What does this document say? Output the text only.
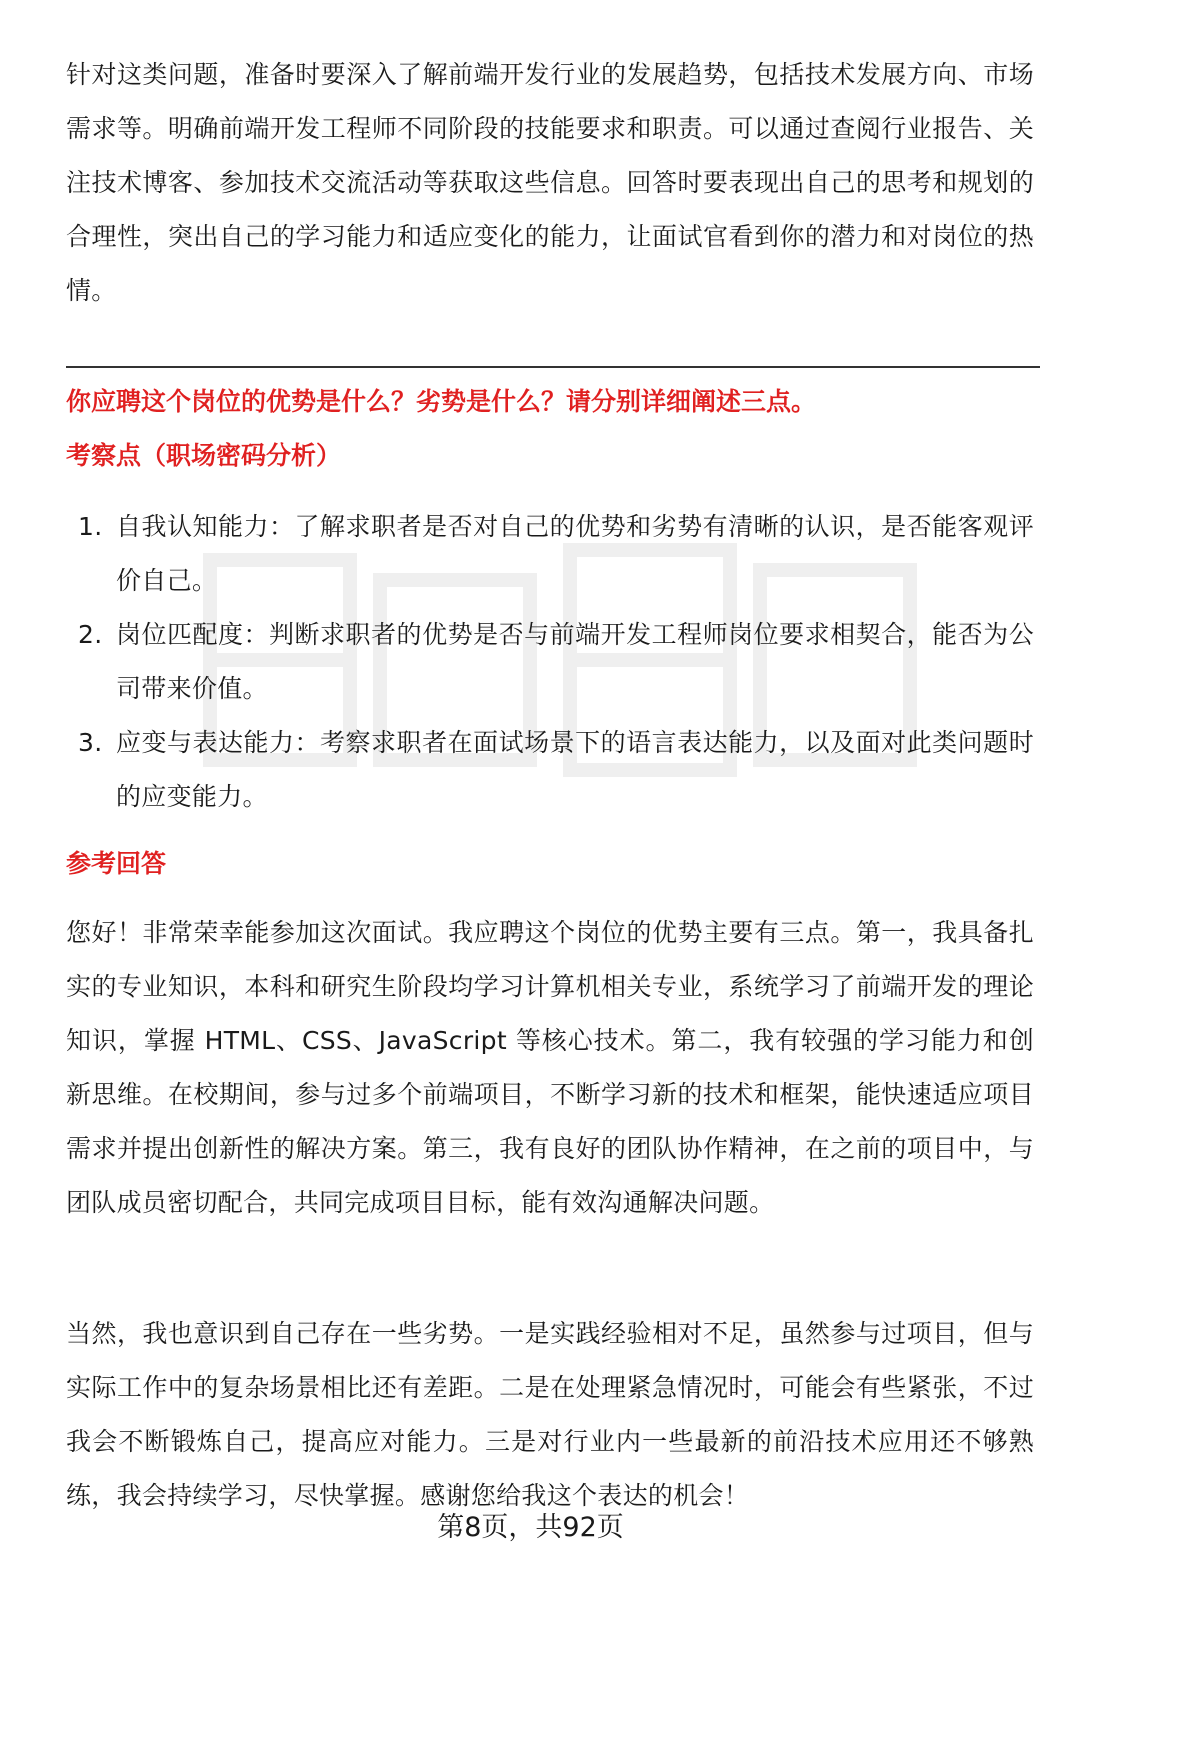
针对这类问题，准备时要深入了解前端开发行业的发展趋势，包括技术发展方向、市场需求等。明确前端开发工程师不同阶段的技能要求和职责。可以通过查阅行业报告、关注技术博客、参加技术交流活动等获取这些信息。回答时要表现出自己的思考和规划的合理性，突出自己的学习能力和适应变化的能力，让面试官看到你的潜力和对岗位的热情。

你应聘这个岗位的优势是什么？劣势是什么？请分别详细阐述三点。

考察点（职场密码分析）

1. 自我认知能力：了解求职者是否对自己的优势和劣势有清晰的认识，是否能客观评价自己。
2. 岗位匹配度：判断求职者的优势是否与前端开发工程师岗位要求相契合，能否为公司带来价值。
3. 应变与表达能力：考察求职者在面试场景下的语言表达能力，以及面对此类问题时的应变能力。

参考回答

您好！非常荣幸能参加这次面试。我应聘这个岗位的优势主要有三点。第一，我具备扎实的专业知识，本科和研究生阶段均学习计算机相关专业，系统学习了前端开发的理论知识，掌握 HTML、CSS、JavaScript 等核心技术。第二，我有较强的学习能力和创新思维。在校期间，参与过多个前端项目，不断学习新的技术和框架，能快速适应项目需求并提出创新性的解决方案。第三，我有良好的团队协作精神，在之前的项目中，与团队成员密切配合，共同完成项目目标，能有效沟通解决问题。

当然，我也意识到自己存在一些劣势。一是实践经验相对不足，虽然参与过项目，但与实际工作中的复杂场景相比还有差距。二是在处理紧急情况时，可能会有些紧张，不过我会不断锻炼自己，提高应对能力。三是对行业内一些最新的前沿技术应用还不够熟练，我会持续学习，尽快掌握。感谢您给我这个表达的机会！

第8页，共92页
